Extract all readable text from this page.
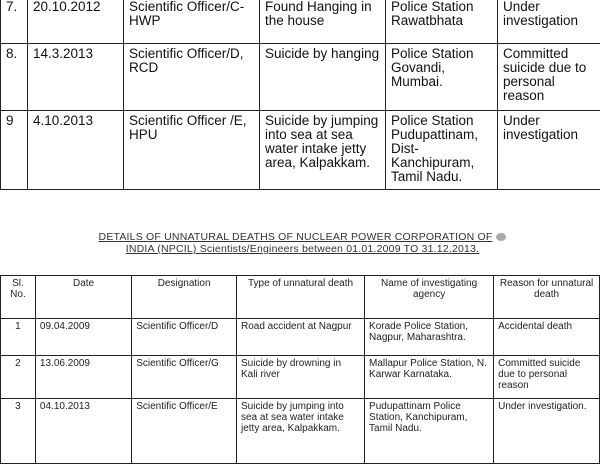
7.	20.10.2012	Scientific Officer/C-HWP	Found Hanging in the house	Police Station Rawatbhata	Under investigation
8.	14.3.2013	Scientific Officer/D, RCD	Suicide by hanging	Police Station Govandi, Mumbai.	Committed suicide due to personal reason
9	4.10.2013	Scientific Officer /E, HPU	Suicide by jumping into sea at sea water intake jetty area, Kalpakkam.	Police Station Pudupattinam, Dist-Kanchipuram, Tamil Nadu.	Under investigation
DETAILS OF UNNATURAL DEATHS OF NUCLEAR POWER CORPORATION OF
INDIA (NPCIL) Scientists/Engineers between 01.01.2009 TO 31.12.2013.
Sl. No.	Date	Designation	Type of unnatural death	Name of investigating agency	Reason for unnatural death
1	09.04.2009	Scientific Officer/D	Road accident at Nagpur	Korade Police Station, Nagpur, Maharashtra.	Accidental death
2	13.06.2009	Scientific Officer/G	Suicide by drowning in Kali river	Mallapur Police Station, N. Karwar Karnataka.	Committed suicide due to personal reason
3	04.10.2013	Scientific Officer/E	Suicide by jumping into sea at sea water intake jetty area, Kalpakkam.	Pudupattinam Police Station, Kanchipuram, Tamil Nadu.	Under investigation.
